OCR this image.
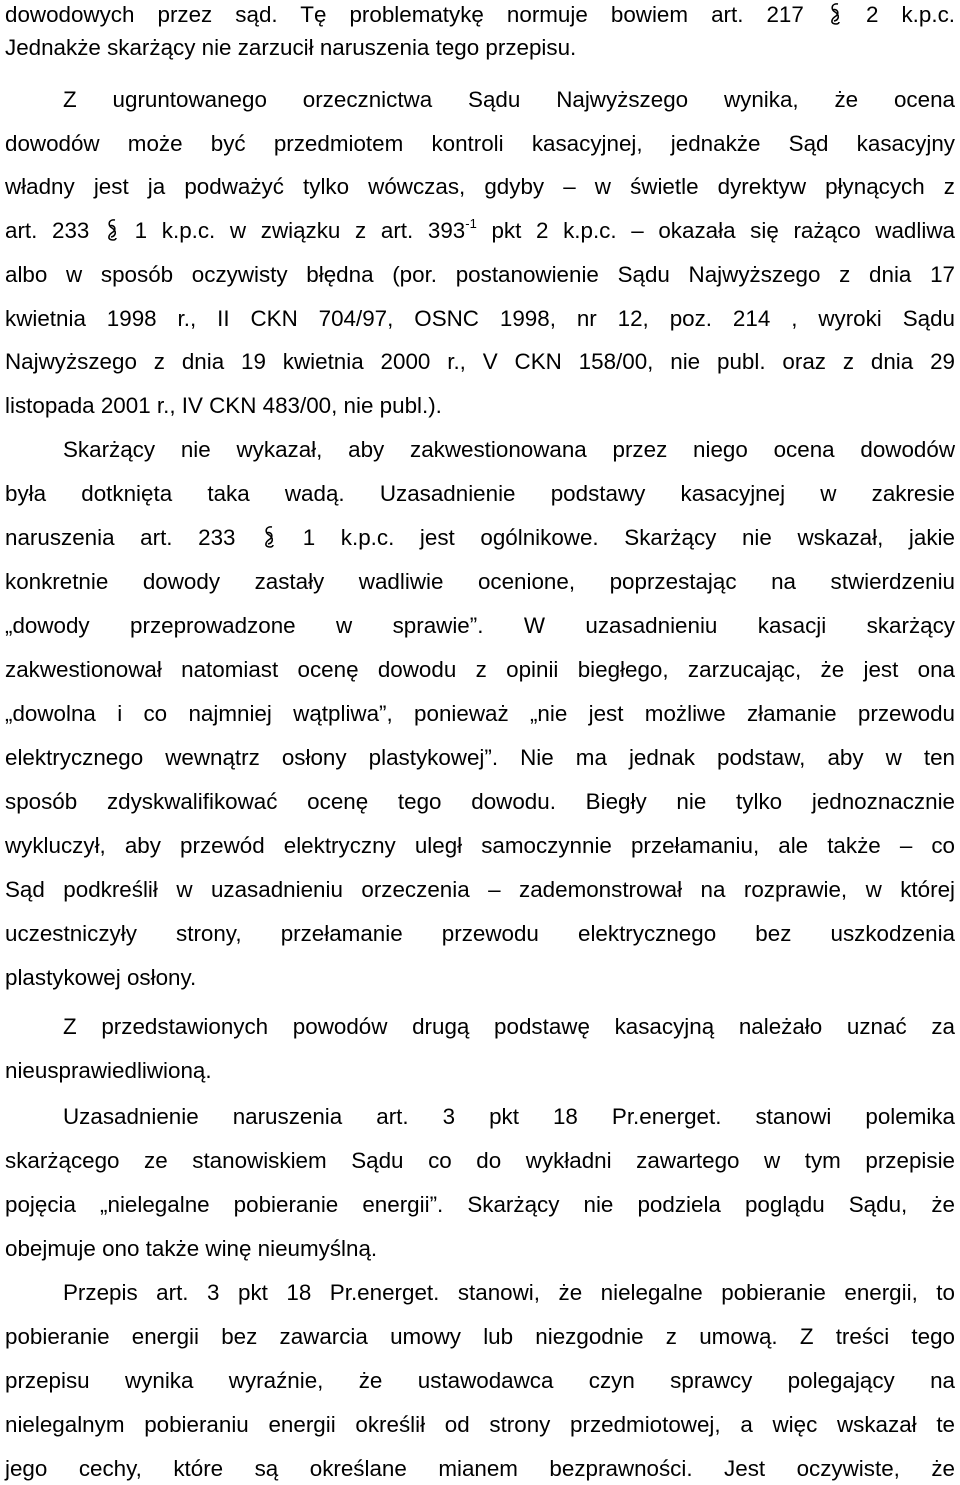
dowodowych przez sąd. Tę problematykę normuje bowiem art. 217	2 k.p.c.
Jednakże skarżący nie zarzucił naruszenia tego przepisu.
Z ugruntowanego orzecznictwa Sądu Najwyższego wynika, że ocena
dowodów może być przedmiotem kontroli kasacyjnej, jednakże Sąd kasacyjny
władny jest ja podważyć tylko wówczas, gdyby – w świetle dyrektyw płynących z
art. 233 1 k.p.c. w związku z art. $393^{-1}$ pkt 2 k.p.c. – okazała się rażąco wadliwa
albo w sposób oczywisty błędna (por. postanowienie Sądu Najwyższego z dnia 17
kwietnia 1998 r., II CKN 704/97, OSNC 1998, nr 12, poz. 214 , wyroki Sądu
Najwyższego z dnia 19 kwietnia 2000 r., V CKN 158/00, nie publ. oraz z dnia 29
listopada 2001 r., IV CKN 483/00, nie publ.).
Skarżący nie wykazał, aby zakwestionowana przez niego ocena dowodów
była dotknięta taka wadą. Uzasadnienie podstawy kasacyjnej w zakresie
naruszenia art. 233	1 k.p.c. jest ogólnikowe. Skarżący nie wskazał, jakie
konkretnie dowody zastały wadliwie ocenione, poprzestając na stwierdzeniu
„dowody przeprowadzone w sprawie”. W uzasadnieniu kasacji skarżący
zakwestionował natomiast ocenę dowodu z opinii biegłego, zarzucając, że jest ona
„dowolna i co najmniej wątpliwa”, ponieważ „nie jest możliwe złamanie przewodu
elektrycznego wewnątrz osłony plastykowej”. Nie ma jednak podstaw, aby w ten
sposób zdyskwalifikować ocenę tego dowodu. Biegły nie tylko jednoznacznie
wykluczył, aby przewód elektryczny uległ samoczynnie przełamaniu, ale także – co
Sąd podkreślił w uzasadnieniu orzeczenia – zademonstrował na rozprawie, w której
uczestniczyły strony, przełamanie przewodu elektrycznego bez uszkodzenia
plastykowej osłony.
Z przedstawionych powodów drugą podstawę kasacyjną należało uznać za
nieusprawiedliwioną.
Uzasadnienie naruszenia art. 3 pkt 18 Pr.energet. stanowi polemika
skarżącego ze stanowiskiem Sądu co do wykładni zawartego w tym przepisie
pojęcia „nielegalne pobieranie energii”. Skarżący nie podziela poglądu Sądu, że
obejmuje ono także winę nieumyślną.
Przepis art. 3 pkt 18 Pr.energet. stanowi, że nielegalne pobieranie energii, to
pobieranie energii bez zawarcia umowy lub niezgodnie z umową. Z treści tego
przepisu wynika wyraźnie, że ustawodawca czyn sprawcy polegający na
nielegalnym pobieraniu energii określił od strony przedmiotowej, a więc wskazał te
jego cechy, które są określane mianem bezprawności. Jest oczywiste, że
